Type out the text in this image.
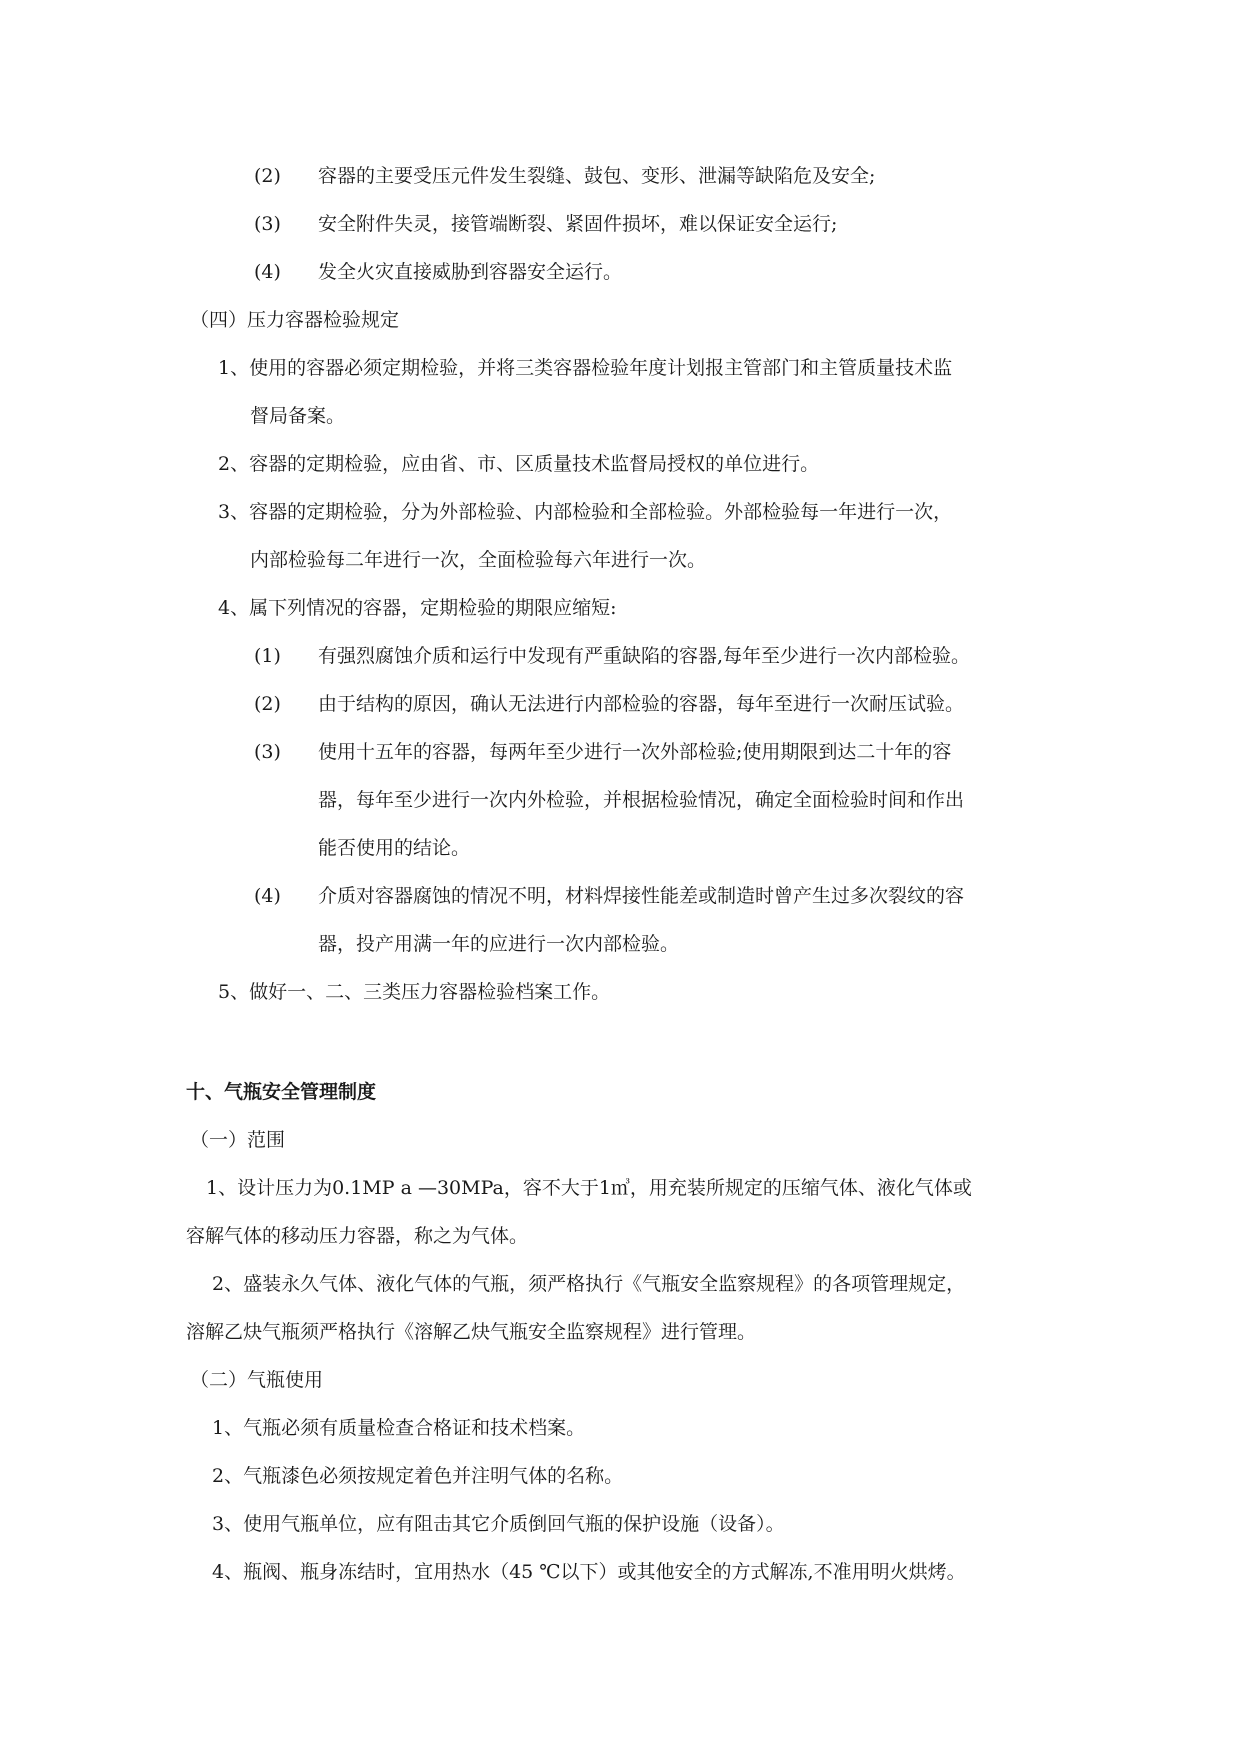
(2) 容器的主要受压元件发生裂缝、鼓包、变形、泄漏等缺陷危及安全;
(3) 安全附件失灵，接管端断裂、紧固件损坏，难以保证安全运行;
(4) 发全火灾直接威胁到容器安全运行。
（四）压力容器检验规定
1、使用的容器必须定期检验，并将三类容器检验年度计划报主管部门和主管质量技术监
督局备案。
2、容器的定期检验，应由省、市、区质量技术监督局授权的单位进行。
3、容器的定期检验，分为外部检验、内部检验和全部检验。外部检验每一年进行一次，
内部检验每二年进行一次，全面检验每六年进行一次。
4、属下列情况的容器，定期检验的期限应缩短:
(1) 有强烈腐蚀介质和运行中发现有严重缺陷的容器,每年至少进行一次内部检验。
(2) 由于结构的原因，确认无法进行内部检验的容器，每年至进行一次耐压试验。
(3) 使用十五年的容器，每两年至少进行一次外部检验;使用期限到达二十年的容
器，每年至少进行一次内外检验，并根据检验情况，确定全面检验时间和作出
能否使用的结论。
(4) 介质对容器腐蚀的情况不明，材料焊接性能差或制造时曾产生过多次裂纹的容
器，投产用满一年的应进行一次内部检验。
5、做好一、二、三类压力容器检验档案工作。
十、气瓶安全管理制度
（一）范围
1、设计压力为0.1MP a —30MPa，容不大于1㎥，用充装所规定的压缩气体、液化气体或
容解气体的移动压力容器，称之为气体。
2、盛装永久气体、液化气体的气瓶，须严格执行《气瓶安全监察规程》的各项管理规定，
溶解乙炔气瓶须严格执行《溶解乙炔气瓶安全监察规程》进行管理。
（二）气瓶使用
1、气瓶必须有质量检查合格证和技术档案。
2、气瓶漆色必须按规定着色并注明气体的名称。
3、使用气瓶单位，应有阻击其它介质倒回气瓶的保护设施（设备）。
4、瓶阀、瓶身冻结时，宜用热水（45 ℃以下）或其他安全的方式解冻,不准用明火烘烤。
